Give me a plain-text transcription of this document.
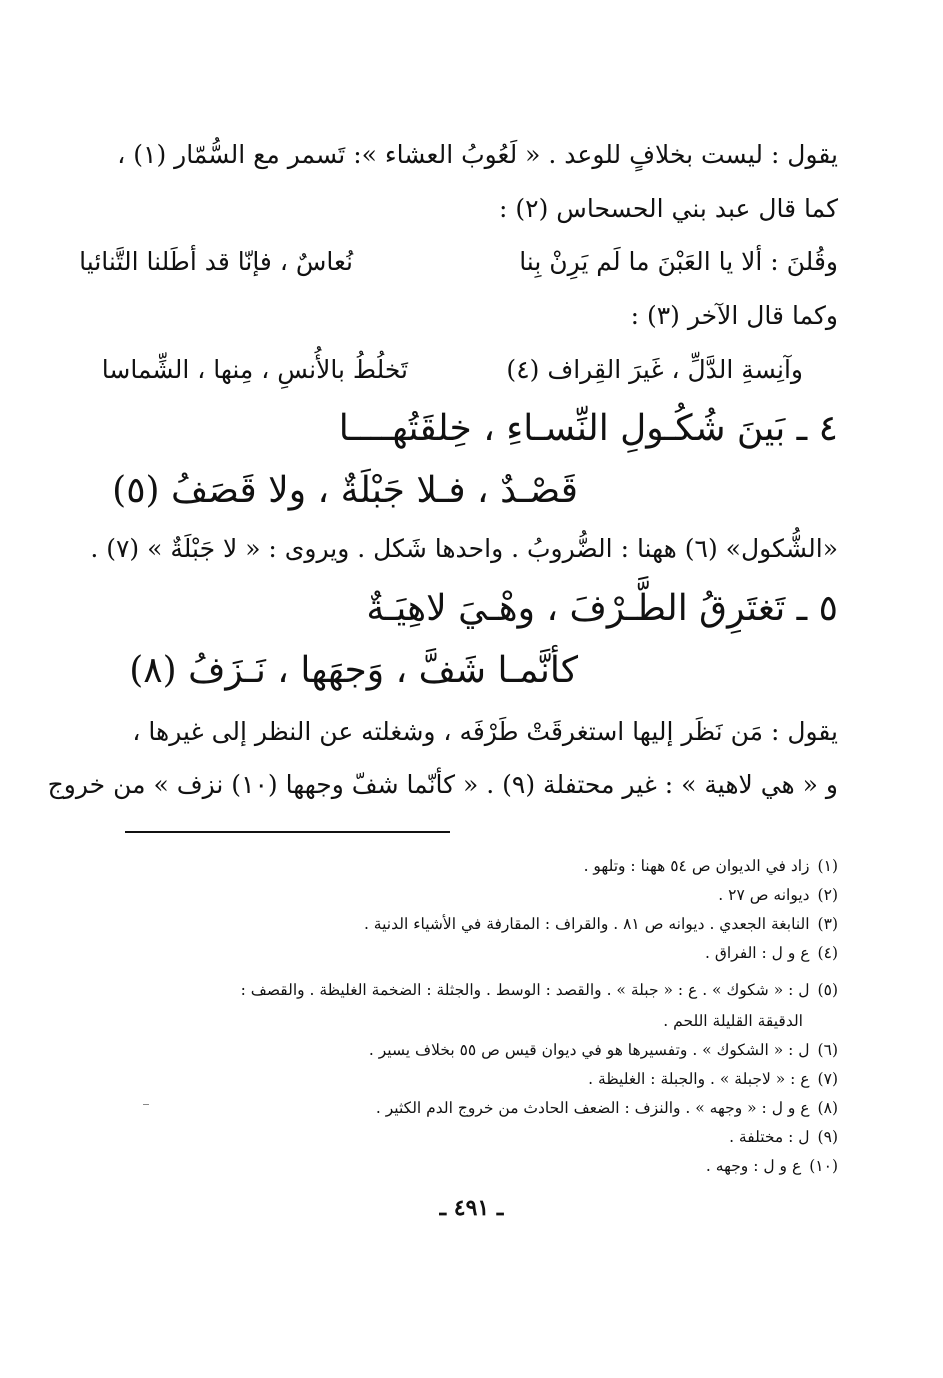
يقول : ليست بخلافٍ للوعد . « لَعُوبُ العشاء »: تَسمر مع السُّمّار (١) ،
كما قال عبد بني الحسحاس (٢) :
وقُلنَ : ألا يا العَبْنَ ما لَم يَرِنْ بِنا
نُعاسٌ ، فإنّا قد أطَلنا التَّنائيا
وكما قال الآخر (٣) :
وآنِسةِ الدَّلِّ ، غَيرَ القِراف (٤)
تَخلُطُ بالأُنسِ ، مِنها ، الشِّماسا
٤ ـ بَينَ شُكُـولِ النِّسـاءِ ، خِلقَتُهــــا
قَصْـدٌ ، فـلا جَبْلَةٌ ، ولا قَصَفُ (٥)
«الشُّكول» (٦) ههنا : الضُّروبُ . واحدها شَكل . ويروى : « لا جَبْلَةٌ » (٧) .
٥ ـ تَغتَرِقُ الطَّـرْفَ ، وهْـيَ لاهِيَـةٌ
كأنَّمـا شَفَّ ، وَجهَها ، نَـزَفُ (٨)
يقول : مَن نَظَر إليها استغرقَتْ طَرْفَه ، وشغلته عن النظر إلى غيرها ،
و « هي لاهية » : غير محتفلة (٩) . « كأنّما شفّ وجهها (١٠) نزف » من خروج
(١)زاد في الديوان ص ٥٤ ههنا : وتلهو .
(٢)ديوانه ص ٢٧ .
(٣)النابغة الجعدي . ديوانه ص ٨١ . والقراف : المقارفة في الأشياء الدنية .
(٤)ع و ل : الفراق .
(٥)ل : « شكوك » . ع : « جبلة » . والقصد : الوسط . والجثلة : الضخمة الغليظة . والقصف :
الدقيقة القليلة اللحم .
(٦)ل : « الشكوك » . وتفسيرها هو في ديوان قيس ص ٥٥ بخلاف يسير .
(٧)ع : « لاجبلة » . والجبلة : الغليظة .
(٨)ع و ل : « وجهه » . والنزف : الضعف الحادث من خروج الدم الكثير .
(٩)ل : مختلفة .
(١٠)ع و ل : وجهه .
ـ ٤٩١ ـ
